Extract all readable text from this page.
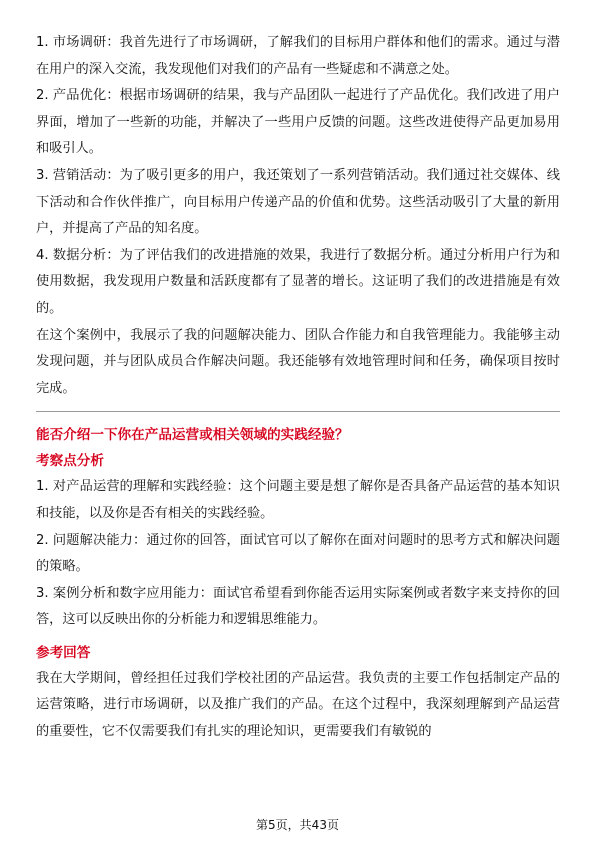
1. 市场调研：我首先进行了市场调研，了解我们的目标用户群体和他们的需求。通过与潜在用户的深入交流，我发现他们对我们的产品有一些疑虑和不满意之处。

2. 产品优化：根据市场调研的结果，我与产品团队一起进行了产品优化。我们改进了用户界面，增加了一些新的功能，并解决了一些用户反馈的问题。这些改进使得产品更加易用和吸引人。

3. 营销活动：为了吸引更多的用户，我还策划了一系列营销活动。我们通过社交媒体、线下活动和合作伙伴推广，向目标用户传递产品的价值和优势。这些活动吸引了大量的新用户，并提高了产品的知名度。

4. 数据分析：为了评估我们的改进措施的效果，我进行了数据分析。通过分析用户行为和使用数据，我发现用户数量和活跃度都有了显著的增长。这证明了我们的改进措施是有效的。

在这个案例中，我展示了我的问题解决能力、团队合作能力和自我管理能力。我能够主动发现问题，并与团队成员合作解决问题。我还能够有效地管理时间和任务，确保项目按时完成。

能否介绍一下你在产品运营或相关领域的实践经验？

考察点分析

1. 对产品运营的理解和实践经验：这个问题主要是想了解你是否具备产品运营的基本知识和技能，以及你是否有相关的实践经验。

2. 问题解决能力：通过你的回答，面试官可以了解你在面对问题时的思考方式和解决问题的策略。

3. 案例分析和数字应用能力：面试官希望看到你能否运用实际案例或者数字来支持你的回答，这可以反映出你的分析能力和逻辑思维能力。

参考回答

我在大学期间，曾经担任过我们学校社团的产品运营。我负责的主要工作包括制定产品的运营策略，进行市场调研，以及推广我们的产品。在这个过程中，我深刻理解到产品运营的重要性，它不仅需要我们有扎实的理论知识，更需要我们有敏锐的

第5页，共43页
